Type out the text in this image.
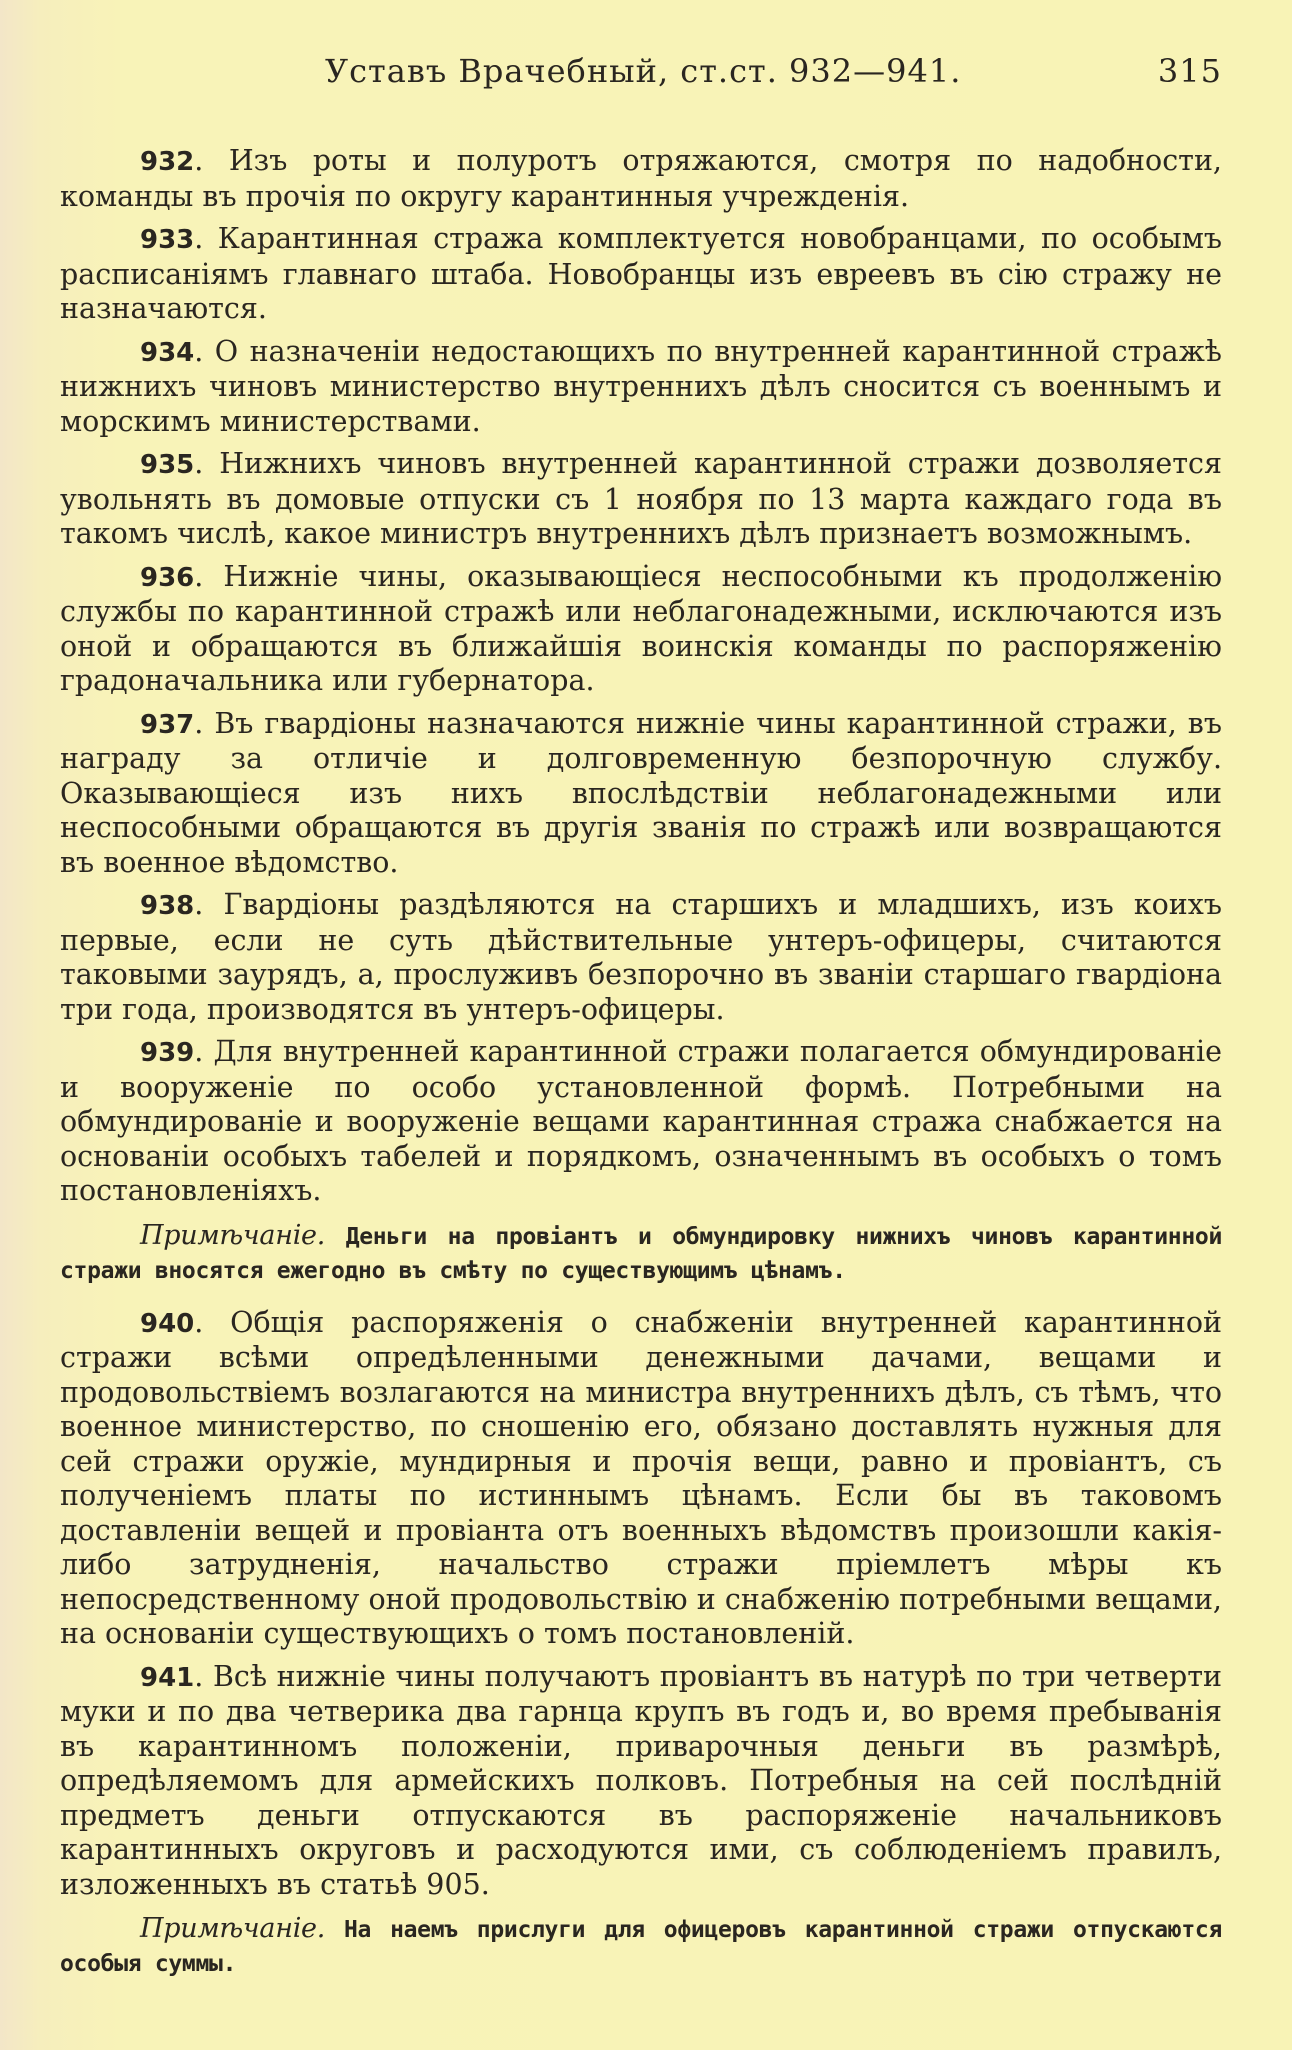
Уставъ Врачебный, ст.ст. 932—941.	315

932. Изъ роты и полуротъ отряжаются, смотря по надобности, команды въ прочія по округу карантинныя учрежденія.

933. Карантинная стража комплектуется новобранцами, по особымъ расписаніямъ главнаго штаба. Новобранцы изъ евреевъ въ сію стражу не назначаются.

934. О назначеніи недостающихъ по внутренней карантинной стражѣ нижнихъ чиновъ министерство внутреннихъ дѣлъ сносится съ военнымъ и морскимъ министерствами.

935. Нижнихъ чиновъ внутренней карантинной стражи дозволяется увольнять въ домовые отпуски съ 1 ноября по 13 марта каждаго года въ такомъ числѣ, какое министръ внутреннихъ дѣлъ признаетъ возможнымъ.

936. Нижніе чины, оказывающіеся неспособными къ продолженію службы по карантинной стражѣ или неблагонадежными, исключаются изъ оной и обращаются въ ближайшія воинскія команды по распоряженію градоначальника или губернатора.

937. Въ гвардіоны назначаются нижніе чины карантинной стражи, въ награду за отличіе и долговременную безпорочную службу. Оказывающіеся изъ нихъ впослѣдствіи неблагонадежными или неспособными обращаются въ другія званія по стражѣ или возвращаются въ военное вѣдомство.

938. Гвардіоны раздѣляются на старшихъ и младшихъ, изъ коихъ первые, если не суть дѣйствительные унтеръ-офицеры, считаются таковыми заурядъ, а, прослуживъ безпорочно въ званіи старшаго гвардіона три года, производятся въ унтеръ-офицеры.

939. Для внутренней карантинной стражи полагается обмундированіе и вооруженіе по особо установленной формѣ. Потребными на обмундированіе и вооруженіе вещами карантинная стража снабжается на основаніи особыхъ табелей и порядкомъ, означеннымъ въ особыхъ о томъ постановленіяхъ.

Примѣчаніе. Деньги на провіантъ и обмундировку нижнихъ чиновъ карантинной стражи вносятся ежегодно въ смѣту по существующимъ цѣнамъ.

940. Общія распоряженія о снабженіи внутренней карантинной стражи всѣми опредѣленными денежными дачами, вещами и продовольствіемъ возлагаются на министра внутреннихъ дѣлъ, съ тѣмъ, что военное министерство, по сношенію его, обязано доставлять нужныя для сей стражи оружіе, мундирныя и прочія вещи, равно и провіантъ, съ полученіемъ платы по истиннымъ цѣнамъ. Если бы въ таковомъ доставленіи вещей и провіанта отъ военныхъ вѣдомствъ произошли какія-либо затрудненія, начальство стражи пріемлетъ мѣры къ непосредственному оной продовольствію и снабженію потребными вещами, на основаніи существующихъ о томъ постановленій.

941. Всѣ нижніе чины получаютъ провіантъ въ натурѣ по три четверти муки и по два четверика два гарнца крупъ въ годъ и, во время пребыванія въ карантинномъ положеніи, приварочныя деньги въ размѣрѣ, опредѣляемомъ для армейскихъ полковъ. Потребныя на сей послѣдній предметъ деньги отпускаются въ распоряженіе начальниковъ карантинныхъ округовъ и расходуются ими, съ соблюденіемъ правилъ, изложенныхъ въ статьѣ 905.

Примѣчаніе. На наемъ прислуги для офицеровъ карантинной стражи отпускаются особыя суммы.
